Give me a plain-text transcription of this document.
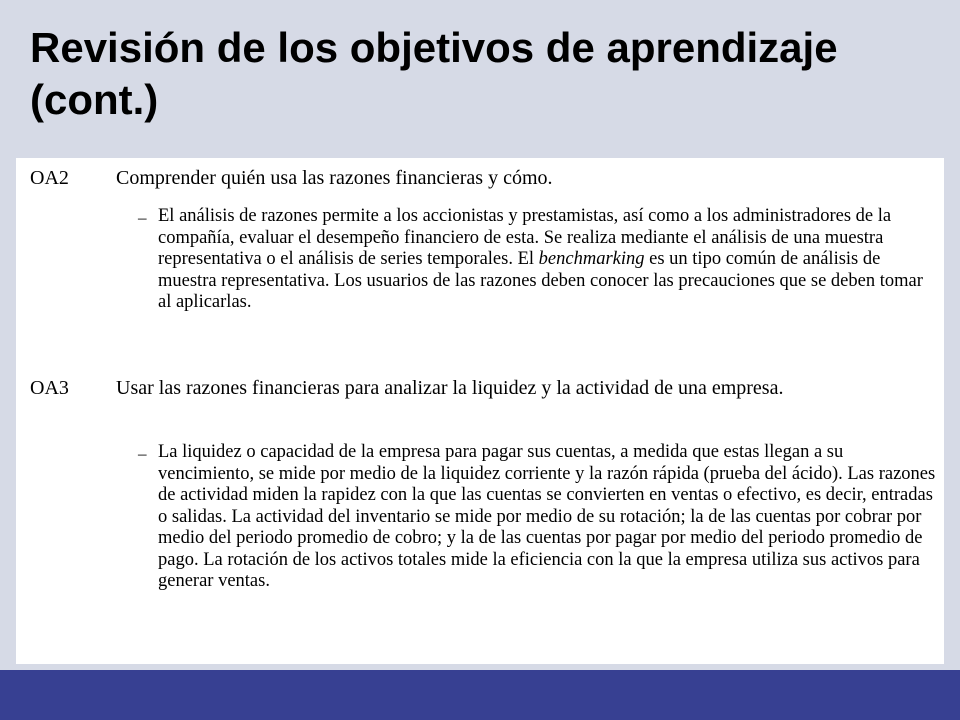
Revisión de los objetivos de aprendizaje (cont.)
OA2 Comprender quién usa las razones financieras y cómo.
– El análisis de razones permite a los accionistas y prestamistas, así como a los administradores de la compañía, evaluar el desempeño financiero de esta. Se realiza mediante el análisis de una muestra representativa o el análisis de series temporales. El benchmarking es un tipo común de análisis de muestra representativa. Los usuarios de las razones deben conocer las precauciones que se deben tomar al aplicarlas.

OA3 Usar las razones financieras para analizar la liquidez y la actividad de una empresa.
– La liquidez o capacidad de la empresa para pagar sus cuentas, a medida que estas llegan a su vencimiento, se mide por medio de la liquidez corriente y la razón rápida (prueba del ácido). Las razones de actividad miden la rapidez con la que las cuentas se convierten en ventas o efectivo, es decir, entradas o salidas. La actividad del inventario se mide por medio de su rotación; la de las cuentas por cobrar por medio del periodo promedio de cobro; y la de las cuentas por pagar por medio del periodo promedio de pago. La rotación de los activos totales mide la eficiencia con la que la empresa utiliza sus activos para generar ventas.
